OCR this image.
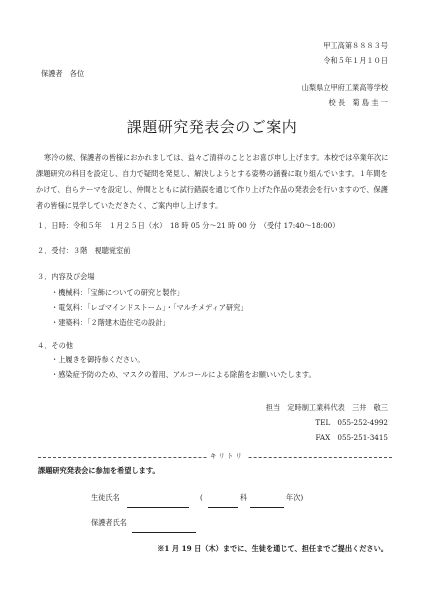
甲工高第８８８３号
令和５年１月１０日
保護者　各位
山梨県立甲府工業高等学校
校 長　菊 島 圭 一
課題研究発表会のご案内
寒冷の候、保護者の皆様におかれましては、益々ご清祥のこととお喜び申し上げます。本校では卒業年次に課題研究の科目を設定し、自力で疑問を発見し、解決しようとする姿勢の涵養に取り組んでいます。１年間をかけて、自らテーマを設定し、仲間とともに試行錯誤を通じて作り上げた作品の発表会を行いますので、保護者の皆様に見学していただきたく、ご案内申し上げます。
１．日時：令和５年　１月２５日（水）　18 時 05 分～21 時 00 分　（受付 17:40～18:00）
２．受付：３階　視聴覚室前
３．内容及び会場
・機械科：「宝飾についての研究と製作」
・電気科：「レゴマインドストーム」・「マルチメディア研究」
・建築科：「２階建木造住宅の設計」
４．その他
・上履きを御持参ください。
・感染症予防のため、マスクの着用、アルコールによる除菌をお願いいたします。
担当　定時制工業科代表　三井　敬三
TEL　055-252-4992
FAX　055-251-3415
キリトリ
課題研究発表会に参加を希望します。
生徒氏名	(	科	年次)
保護者氏名
※1 月 19 日（木）までに、生徒を通じて、担任までご提出ください。
